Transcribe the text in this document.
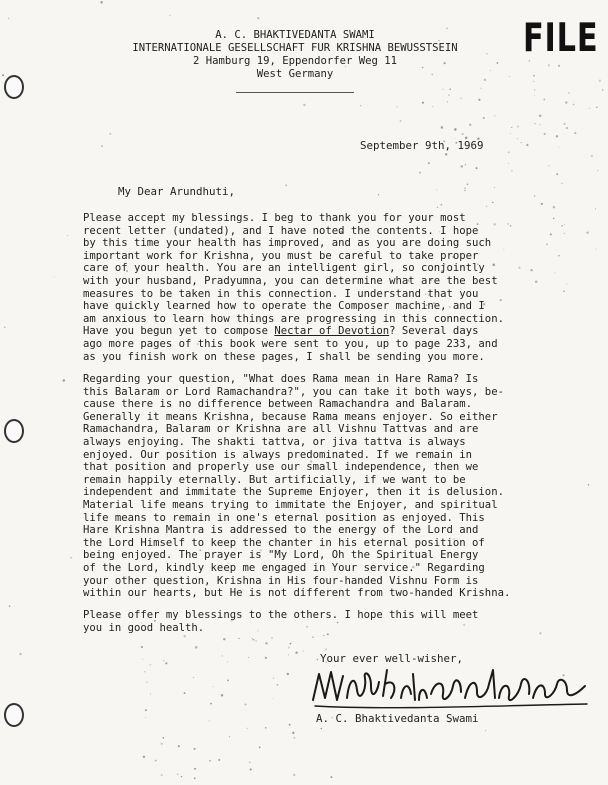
FILE
A. C. BHAKTIVEDANTA SWAMI
INTERNATIONALE GESELLSCHAFT FUR KRISHNA BEWUSSTSEIN
2 Hamburg 19, Eppendorfer Weg 11
West Germany
September 9th, 1969
My Dear Arundhuti,
Please accept my blessings. I beg to thank you for your most
recent letter (undated), and I have noted the contents. I hope
by this time your health has improved, and as you are doing such
important work for Krishna, you must be careful to take proper
care of your health. You are an intelligent girl, so conjointly
with your husband, Pradyumna, you can determine what are the best
measures to be taken in this connection. I understand that you
have quickly learned how to operate the Composer machine, and I
am anxious to learn how things are progressing in this connection.
Have you begun yet to compose Nectar of Devotion? Several days
ago more pages of this book were sent to you, up to page 233, and
as you finish work on these pages, I shall be sending you more.
Regarding your question, "What does Rama mean in Hare Rama? Is
this Balaram or Lord Ramachandra?", you can take it both ways, be-
cause there is no difference between Ramachandra and Balaram.
Generally it means Krishna, because Rama means enjoyer. So either
Ramachandra, Balaram or Krishna are all Vishnu Tattvas and are
always enjoying. The shakti tattva, or jiva tattva is always
enjoyed. Our position is always predominated. If we remain in
that position and properly use our small independence, then we
remain happily eternally. But artificially, if we want to be
independent and immitate the Supreme Enjoyer, then it is delusion.
Material life means trying to immitate the Enjoyer, and spiritual
life means to remain in one's eternal position as enjoyed. This
Hare Krishna Mantra is addressed to the energy of the Lord and
the Lord Himself to keep the chanter in his eternal position of
being enjoyed. The prayer is "My Lord, Oh the Spiritual Energy
of the Lord, kindly keep me engaged in Your service." Regarding
your other question, Krishna in His four-handed Vishnu Form is
within our hearts, but He is not different from two-handed Krishna.
Please offer my blessings to the others. I hope this will meet
you in good health.
Your ever well-wisher,
A. C. Bhaktivedanta Swami
